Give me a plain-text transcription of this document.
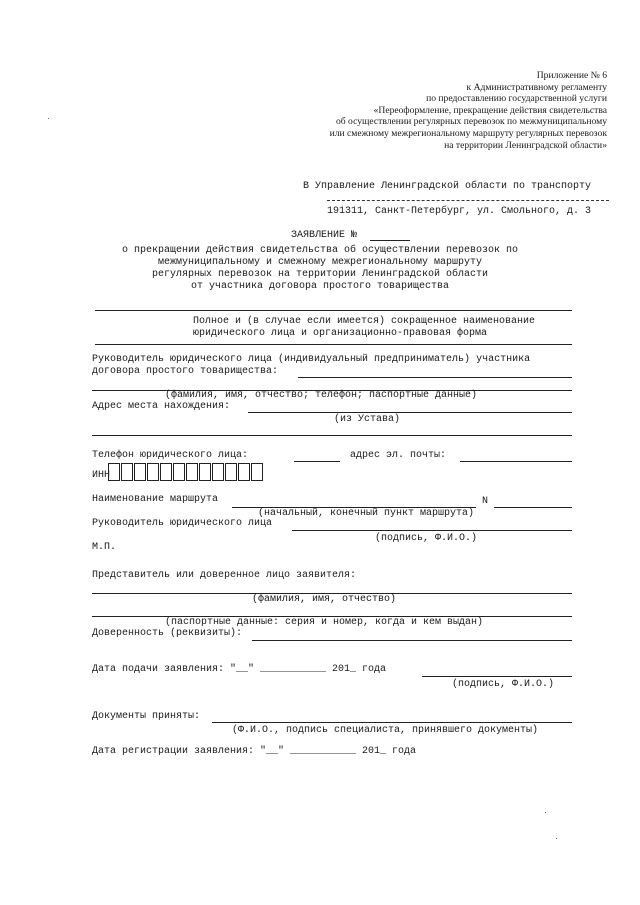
Приложение № 6
к Административному регламенту
по предоставлению государственной услуги
«Переоформление, прекращение действия свидетельства
об осуществлении регулярных перевозок по межмуниципальному
или смежному межрегиональному маршруту регулярных перевозок
на территории Ленинградской области»
В Управление Ленинградской области по транспорту
191311, Санкт-Петербург, ул. Смольного, д. 3
ЗАЯВЛЕНИЕ №
о прекращении действия свидетельства об осуществлении перевозок по
межмуниципальному и смежному межрегиональному маршруту
регулярных перевозок на территории Ленинградской области
от участника договора простого товарищества
Полное и (в случае если имеется) сокращенное наименование
юридического лица и организационно-правовая форма
Руководитель юридического лица (индивидуальный предприниматель) участника
договора простого товарищества:
(фамилия, имя, отчество; телефон; паспортные данные)
Адрес места нахождения:
(из Устава)
Телефон юридического лица:	адрес эл. почты:
ИНН
Наименование маршрута	N
(начальный, конечный пункт маршрута)
Руководитель юридического лица
(подпись, Ф.И.О.)
М.П.
Представитель или доверенное лицо заявителя:
(фамилия, имя, отчество)
(паспортные данные: серия и номер, когда и кем выдан)
Доверенность (реквизиты):
Дата подачи заявления: "__" ___________ 201_ года
(подпись, Ф.И.О.)
Документы приняты:
(Ф.И.О., подпись специалиста, принявшего документы)
Дата регистрации заявления: "__" ___________ 201_ года
